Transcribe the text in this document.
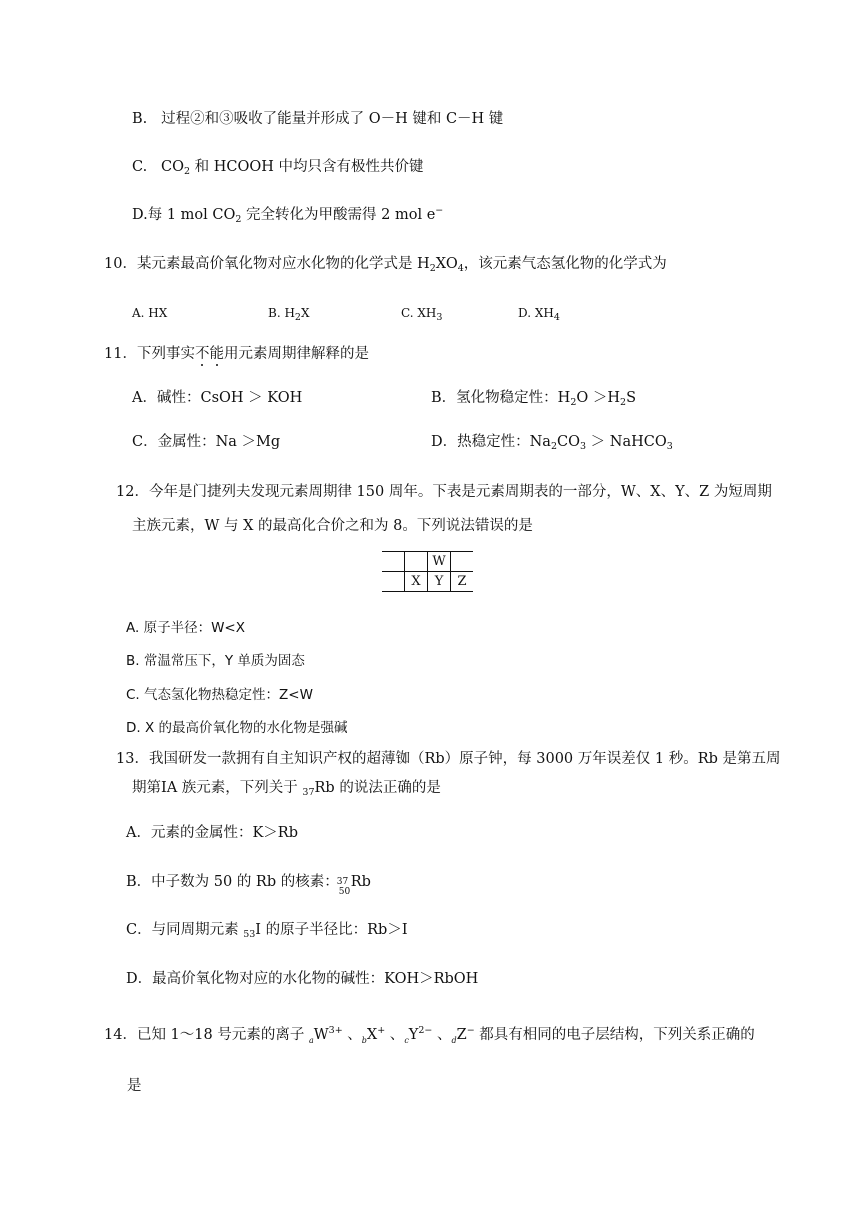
B. 过程②和③吸收了能量并形成了 O－H 键和 C－H 键
C. $CO_2$ 和 HCOOH 中均只含有极性共价键
D.每 1 mol $CO_2$ 完全转化为甲酸需得 2 mol e−
10．某元素最高价氧化物对应水化物的化学式是 $H_2XO_4$，该元素气态氢化物的化学式为
A. HX	B. $H_2X$	C. $XH_3$	D. $XH_4$
11．下列事实不能用元素周期律解释的是
A．碱性：CsOH ＞ KOH	B．氢化物稳定性：$H_2O >H_2S$
C．金属性：Na ＞Mg	D．热稳定性：$Na_2CO_3$ ＞ NaHCO$_3$
12．今年是门捷列夫发现元素周期律 150 周年。下表是元素周期表的一部分，W、X、Y、Z 为短周期
主族元素，W 与 X 的最高化合价之和为 8。下列说法错误的是
		W	
	X	Y	Z
A. 原子半径：W<X
B. 常温常压下，Y 单质为固态
C. 气态氢化物热稳定性：Z<W
D. X 的最高价氧化物的水化物是强碱
13．我国研发一款拥有自主知识产权的超薄铷（Rb）原子钟，每 3000 万年误差仅 1 秒。Rb 是第五周
期第ⅠA 族元素，下列关于 $_{37}$Rb 的说法正确的是
A．元素的金属性：K＞Rb
B．中子数为 50 的 Rb 的核素：
37
50
Rb
C．与同周期元素 $_{53}$I 的原子半径比：Rb＞I
D．最高价氧化物对应的水化物的碱性：KOH＞RbOH
14．已知 1～18 号元素的离子 $_aW^{3+}$ 、$_b$X+ 、$_cY^{2-}$ 、$_d$Z− 都具有相同的电子层结构，下列关系正确的
是
